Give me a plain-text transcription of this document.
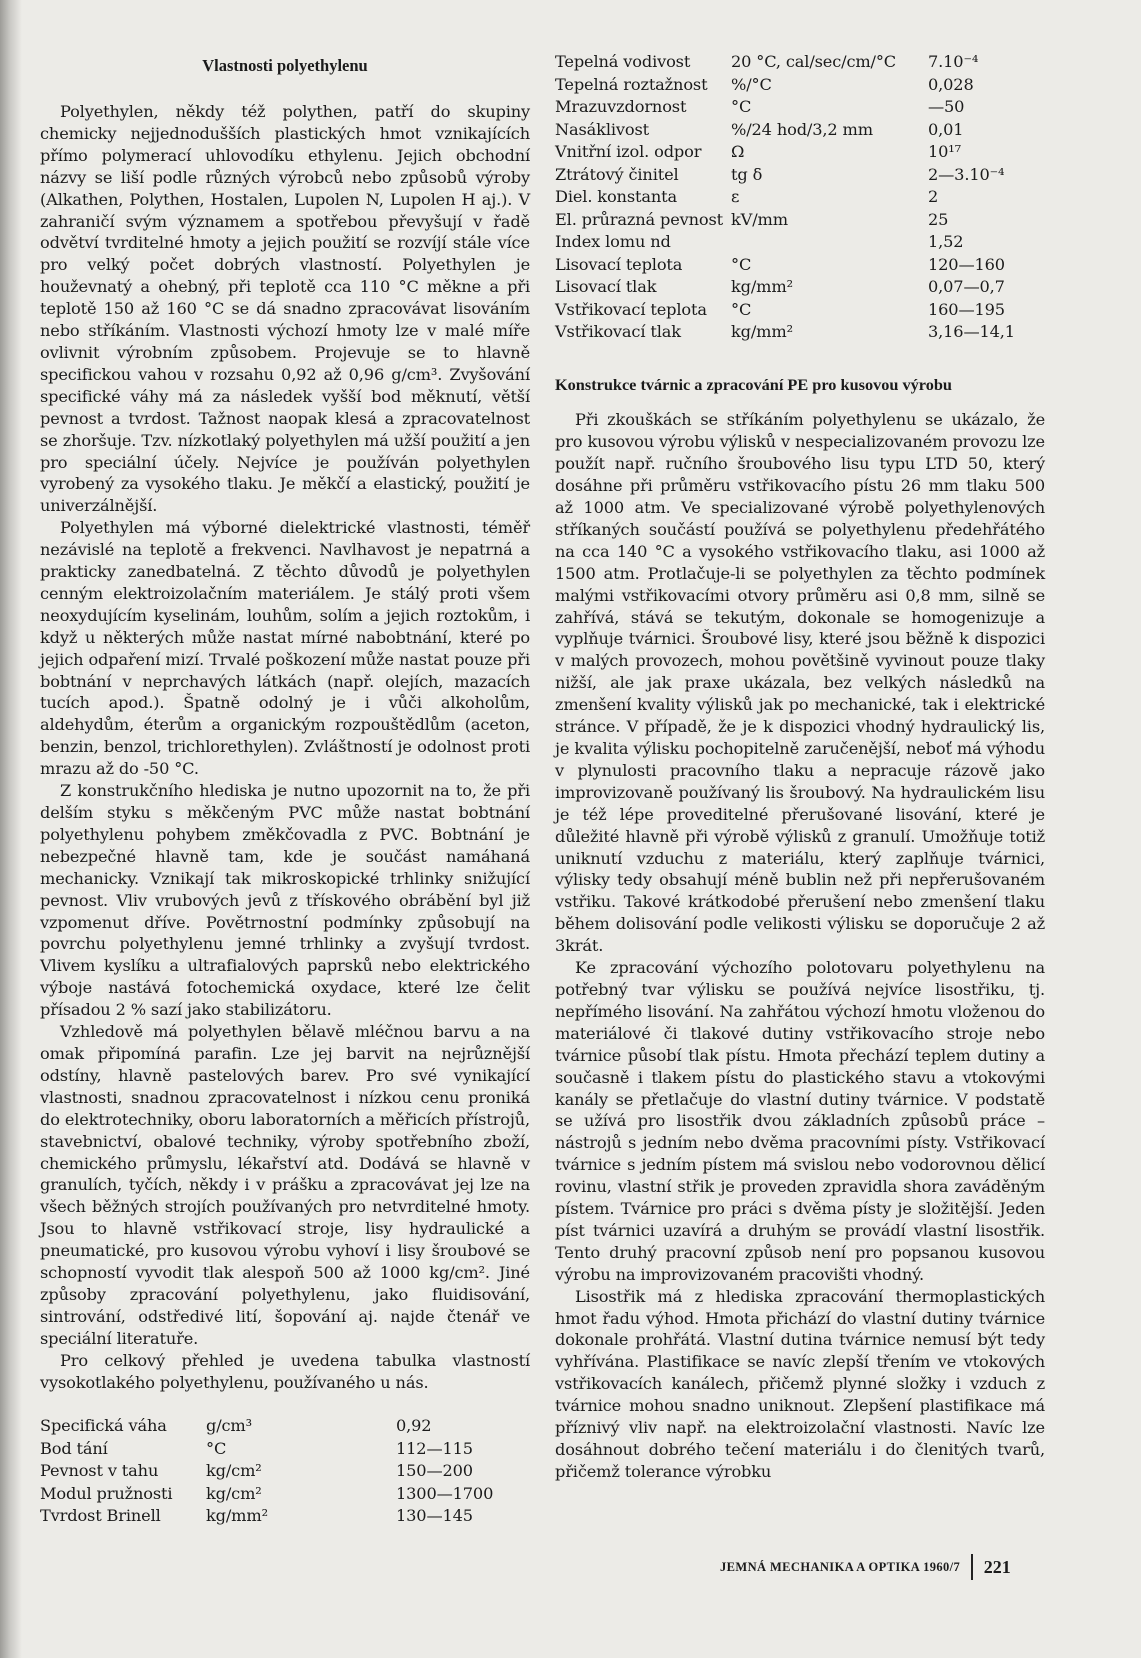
Vlastnosti polyethylenu

Polyethylen, někdy též polythen, patří do skupiny chemicky nejjednodušších plastických hmot vznikajících přímo polymerací uhlovodíku ethylenu. Jejich obchodní názvy se liší podle různých výrobců nebo způsobů výroby (Alkathen, Polythen, Hostalen, Lupolen N, Lupolen H aj.). V zahraničí svým významem a spotřebou převyšují v řadě odvětví tvrditelné hmoty a jejich použití se rozvíjí stále více pro velký počet dobrých vlastností. Polyethylen je houževnatý a ohebný, při teplotě cca 110 °C měkne a při teplotě 150 až 160 °C se dá snadno zpracovávat lisováním nebo stříkáním. Vlastnosti výchozí hmoty lze v malé míře ovlivnit výrobním způsobem. Projevuje se to hlavně specifickou vahou v rozsahu 0,92 až 0,96 g/cm³. Zvyšování specifické váhy má za následek vyšší bod měknutí, větší pevnost a tvrdost. Tažnost naopak klesá a zpracovatelnost se zhoršuje. Tzv. nízkotlaký polyethylen má užší použití a jen pro speciální účely. Nejvíce je používán polyethylen vyrobený za vysokého tlaku. Je měkčí a elastický, použití je univerzálnější.

Polyethylen má výborné dielektrické vlastnosti, téměř nezávislé na teplotě a frekvenci. Navlhavost je nepatrná a prakticky zanedbatelná. Z těchto důvodů je polyethylen cenným elektroizolačním materiálem. Je stálý proti všem neoxydujícím kyselinám, louhům, solím a jejich roztokům, i když u některých může nastat mírné nabobtnání, které po jejich odpaření mizí. Trvalé poškození může nastat pouze při bobtnání v neprchavých látkách (např. olejích, mazacích tucích apod.). Špatně odolný je i vůči alkoholům, aldehydům, éterům a organickým rozpouštědlům (aceton, benzin, benzol, trichlorethylen). Zvláštností je odolnost proti mrazu až do -50 °C.

Z konstrukčního hlediska je nutno upozornit na to, že při delším styku s měkčeným PVC může nastat bobtnání polyethylenu pohybem změkčovadla z PVC. Bobtnání je nebezpečné hlavně tam, kde je součást namáhaná mechanicky. Vznikají tak mikroskopické trhlinky snižující pevnost. Vliv vrubových jevů z třískového obrábění byl již vzpomenut dříve. Povětrnostní podmínky způsobují na povrchu polyethylenu jemné trhlinky a zvyšují tvrdost. Vlivem kyslíku a ultrafialových paprsků nebo elektrického výboje nastává fotochemická oxydace, které lze čelit přísadou 2 % sazí jako stabilizátoru.

Vzhledově má polyethylen bělavě mléčnou barvu a na omak připomíná parafin. Lze jej barvit na nejrůznější odstíny, hlavně pastelových barev. Pro své vynikající vlastnosti, snadnou zpracovatelnost i nízkou cenu proniká do elektrotechniky, oboru laboratorních a měřicích přístrojů, stavebnictví, obalové techniky, výroby spotřebního zboží, chemického průmyslu, lékařství atd. Dodává se hlavně v granulích, tyčích, někdy i v prášku a zpracovávat jej lze na všech běžných strojích používaných pro netvrditelné hmoty. Jsou to hlavně vstřikovací stroje, lisy hydraulické a pneumatické, pro kusovou výrobu vyhoví i lisy šroubové se schopností vyvodit tlak alespoň 500 až 1000 kg/cm². Jiné způsoby zpracování polyethylenu, jako fluidisování, sintrování, odstředivé lití, šopování aj. najde čtenář ve speciální literatuře.

Pro celkový přehled je uvedena tabulka vlastností vysokotlakého polyethylenu, používaného u nás.

Specifická váha	g/cm³	0,92
Bod tání	°C	112—115
Pevnost v tahu	kg/cm²	150—200
Modul pružnosti	kg/cm²	1300—1700
Tvrdost Brinell	kg/mm²	130—145
Tepelná vodivost	20 °C, cal/sec/cm/°C	7.10⁻⁴
Tepelná roztažnost	%/°C	0,028
Mrazuvzdornost	°C	—50
Nasáklivost	%/24 hod/3,2 mm	0,01
Vnitřní izol. odpor	Ω	10¹⁷
Ztrátový činitel	tg δ	2—3.10⁻⁴
Diel. konstanta	ε	2
El. průrazná pevnost	kV/mm	25
Index lomu nd		1,52
Lisovací teplota	°C	120—160
Lisovací tlak	kg/mm²	0,07—0,7
Vstřikovací teplota	°C	160—195
Vstřikovací tlak	kg/mm²	3,16—14,1
Konstrukce tvárnic a zpracování PE pro kusovou výrobu

Při zkouškách se stříkáním polyethylenu se ukázalo, že pro kusovou výrobu výlisků v nespecializovaném provozu lze použít např. ručního šroubového lisu typu LTD 50, který dosáhne při průměru vstřikovacího pístu 26 mm tlaku 500 až 1000 atm. Ve specializované výrobě polyethylenových stříkaných součástí používá se polyethylenu předehřátého na cca 140 °C a vysokého vstřikovacího tlaku, asi 1000 až 1500 atm. Protlačuje-li se polyethylen za těchto podmínek malými vstřikovacími otvory průměru asi 0,8 mm, silně se zahřívá, stává se tekutým, dokonale se homogenizuje a vyplňuje tvárnici. Šroubové lisy, které jsou běžně k dispozici v malých provozech, mohou povětšině vyvinout pouze tlaky nižší, ale jak praxe ukázala, bez velkých následků na zmenšení kvality výlisků jak po mechanické, tak i elektrické stránce. V případě, že je k dispozici vhodný hydraulický lis, je kvalita výlisku pochopitelně zaručenější, neboť má výhodu v plynulosti pracovního tlaku a nepracuje rázově jako improvizovaně používaný lis šroubový. Na hydraulickém lisu je též lépe proveditelné přerušované lisování, které je důležité hlavně při výrobě výlisků z granulí. Umožňuje totiž uniknutí vzduchu z materiálu, který zaplňuje tvárnici, výlisky tedy obsahují méně bublin než při nepřerušovaném vstřiku. Takové krátkodobé přerušení nebo zmenšení tlaku během dolisování podle velikosti výlisku se doporučuje 2 až 3krát.

Ke zpracování výchozího polotovaru polyethylenu na potřebný tvar výlisku se používá nejvíce lisostřiku, tj. nepřímého lisování. Na zahřátou výchozí hmotu vloženou do materiálové či tlakové dutiny vstřikovacího stroje nebo tvárnice působí tlak pístu. Hmota přechází teplem dutiny a současně i tlakem pístu do plastického stavu a vtokovými kanály se přetlačuje do vlastní dutiny tvárnice. V podstatě se užívá pro lisostřik dvou základních způsobů práce – nástrojů s jedním nebo dvěma pracovními písty. Vstřikovací tvárnice s jedním pístem má svislou nebo vodorovnou dělicí rovinu, vlastní střik je proveden zpravidla shora zaváděným pístem. Tvárnice pro práci s dvěma písty je složitější. Jeden píst tvárnici uzavírá a druhým se provádí vlastní lisostřik. Tento druhý pracovní způsob není pro popsanou kusovou výrobu na improvizovaném pracovišti vhodný.

Lisostřik má z hlediska zpracování thermoplastických hmot řadu výhod. Hmota přichází do vlastní dutiny tvárnice dokonale prohřátá. Vlastní dutina tvárnice nemusí být tedy vyhřívána. Plastifikace se navíc zlepší třením ve vtokových vstřikovacích kanálech, přičemž plynné složky i vzduch z tvárnice mohou snadno uniknout. Zlepšení plastifikace má příznivý vliv např. na elektroizolační vlastnosti. Navíc lze dosáhnout dobrého tečení materiálu i do členitých tvarů, přičemž tolerance výrobku

JEMNÁ MECHANIKA A OPTIKA 1960/7 221
